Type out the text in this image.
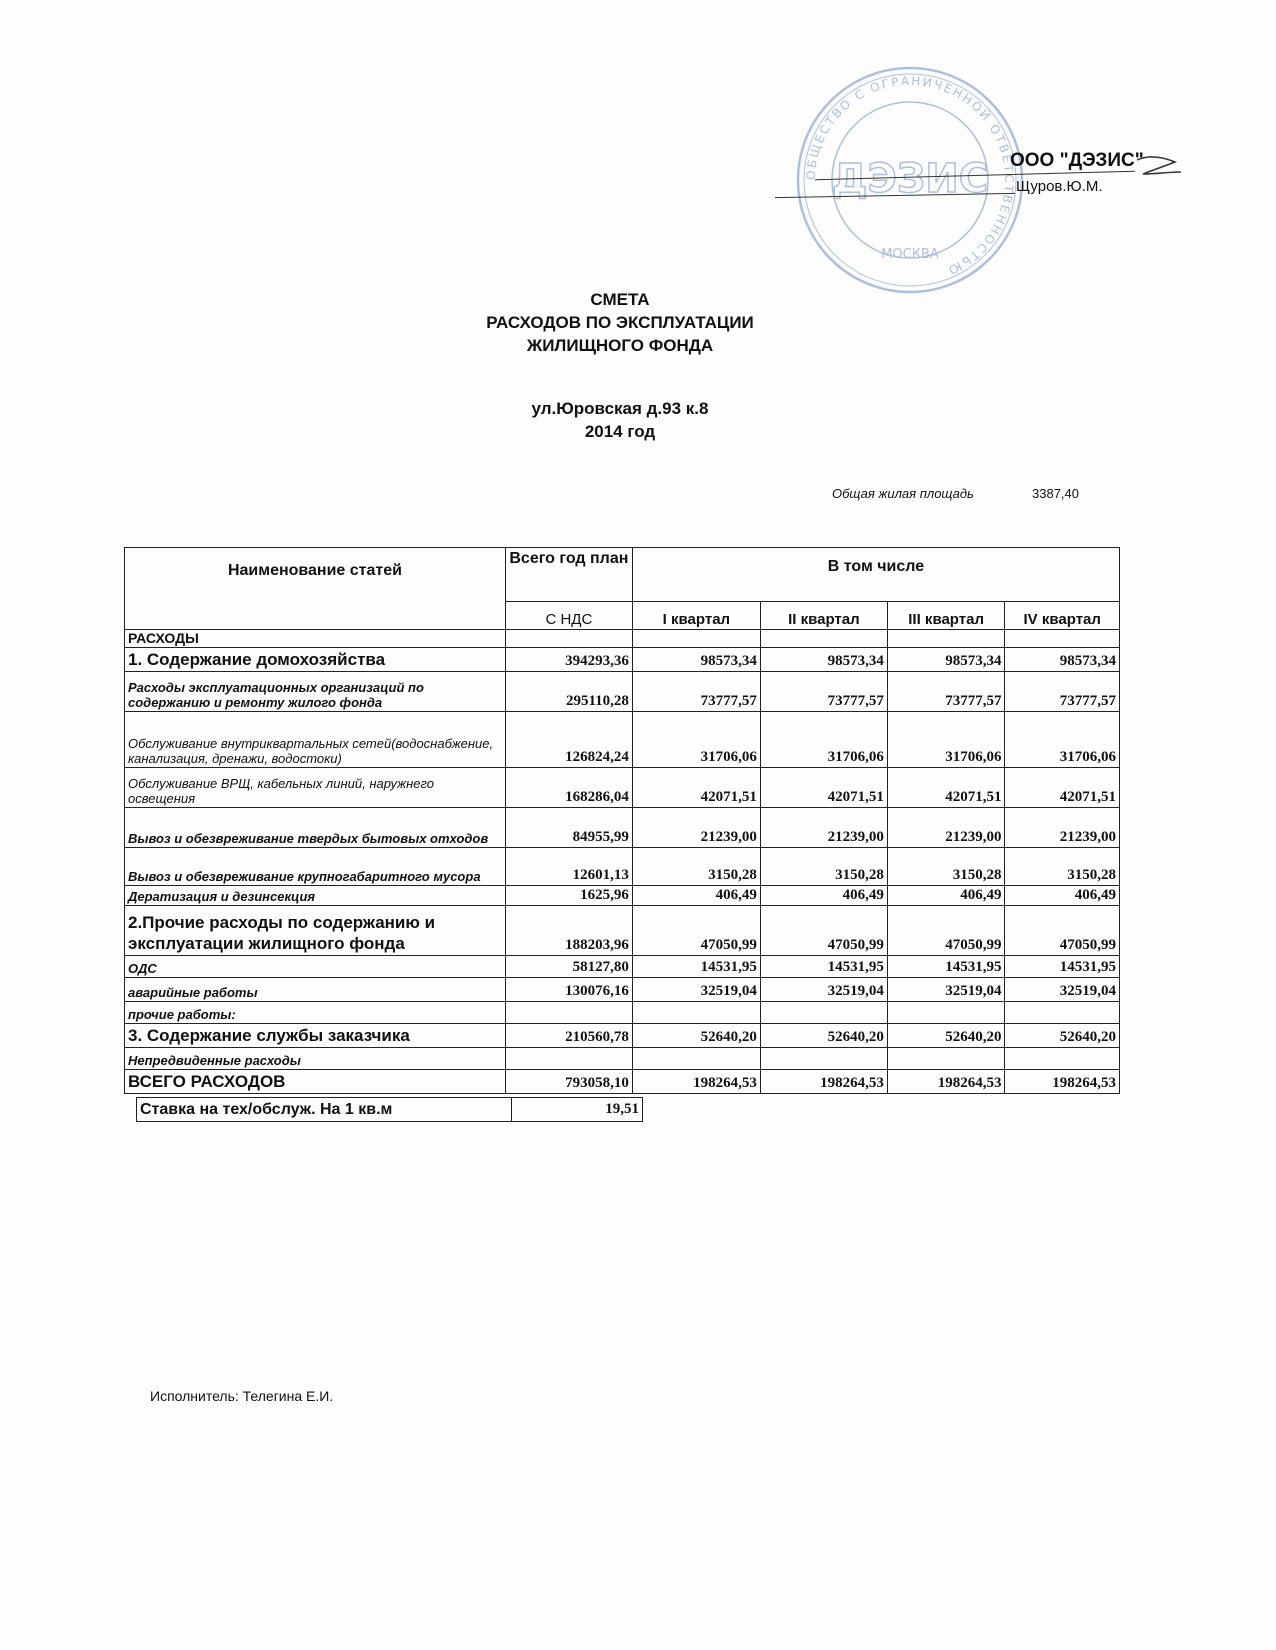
ОБЩЕСТВО С ОГРАНИЧЕННОЙ ОТВЕТСТВЕННОСТЬЮ
ДЭЗИС
МОСКВА
ООО "ДЭЗИС"
Щуров.Ю.М.
СМЕТА
РАСХОДОВ ПО ЭКСПЛУАТАЦИИ
ЖИЛИЩНОГО ФОНДА
ул.Юровская д.93 к.8
2014 год
Общая жилая площадь	3387,40
Наименование статей	Всего год план	В том числе			
	С НДС	I квартал	II квартал	III квартал	IV квартал
РАСХОДЫ					
1. Содержание домохозяйства	394293,36	98573,34	98573,34	98573,34	98573,34
Расходы эксплуатационных организаций по содержанию и ремонту жилого фонда	295110,28	73777,57	73777,57	73777,57	73777,57
Обслуживание внутриквартальных сетей(водоснабжение, канализация, дренажи, водостоки)	126824,24	31706,06	31706,06	31706,06	31706,06
Обслуживание ВРЩ, кабельных линий, наружнего освещения	168286,04	42071,51	42071,51	42071,51	42071,51
Вывоз и обезвреживание твердых бытовых отходов	84955,99	21239,00	21239,00	21239,00	21239,00
Вывоз и обезвреживание крупногабаритного мусора	12601,13	3150,28	3150,28	3150,28	3150,28
Дератизация и дезинсекция	1625,96	406,49	406,49	406,49	406,49
2.Прочие расходы по содержанию и эксплуатации жилищного фонда	188203,96	47050,99	47050,99	47050,99	47050,99
ОДС	58127,80	14531,95	14531,95	14531,95	14531,95
аварийные работы	130076,16	32519,04	32519,04	32519,04	32519,04
прочие работы:					
3. Содержание службы заказчика	210560,78	52640,20	52640,20	52640,20	52640,20
Непредвиденные расходы					
ВСЕГО РАСХОДОВ	793058,10	198264,53	198264,53	198264,53	198264,53
Ставка на тех/обслуж. На 1 кв.м	19,51
Исполнитель: Телегина Е.И.
